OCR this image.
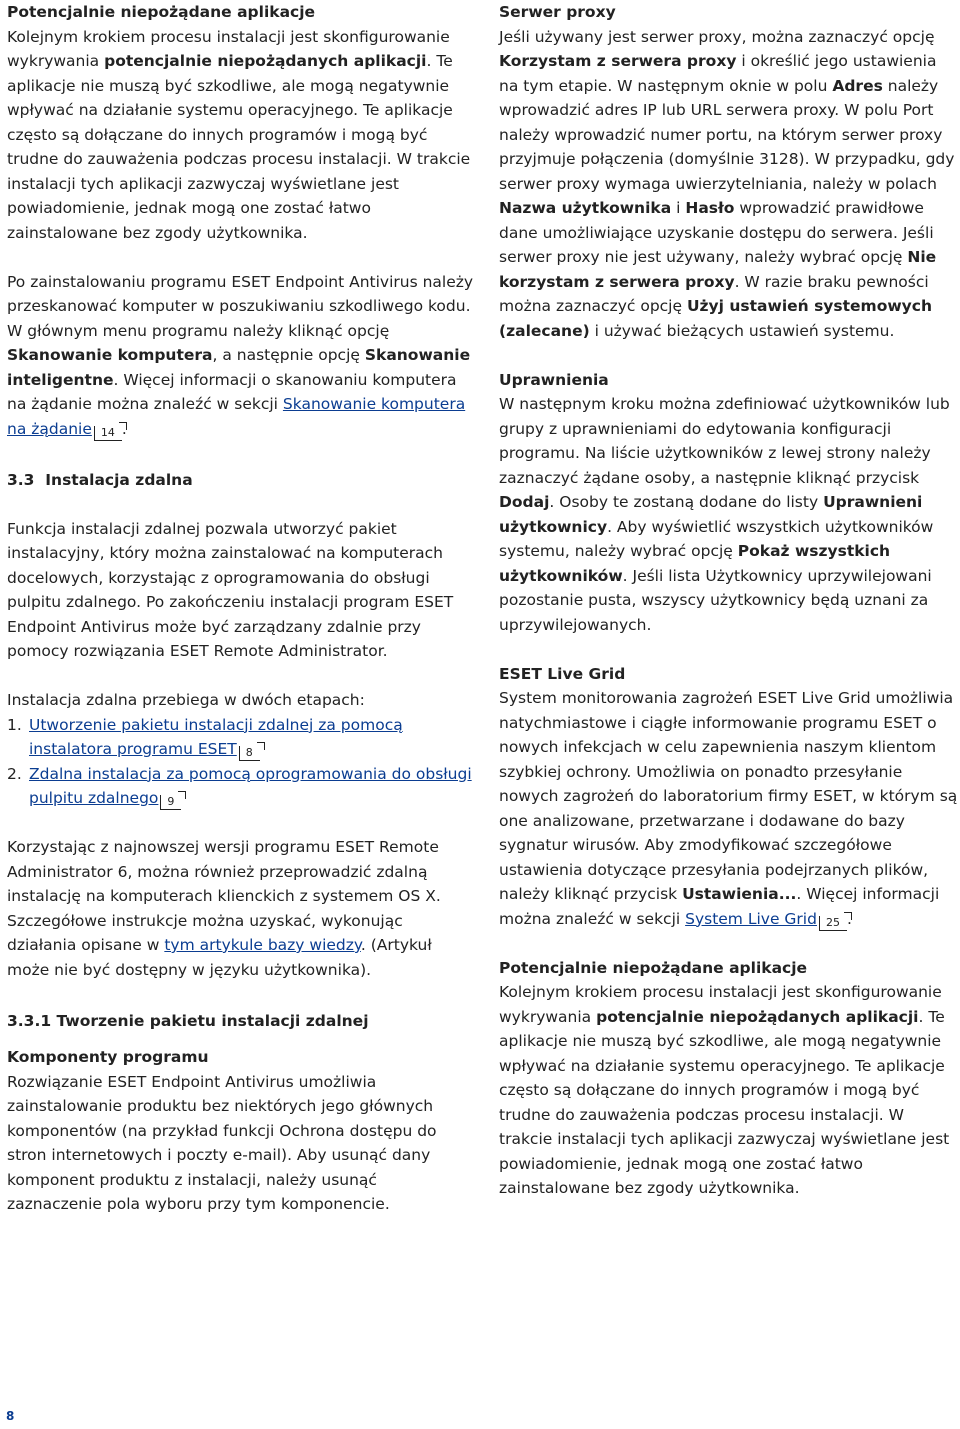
Potencjalnie niepożądane aplikacje

Kolejnym krokiem procesu instalacji jest skonfigurowanie wykrywania potencjalnie niepożądanych aplikacji. Te aplikacje nie muszą być szkodliwe, ale mogą negatywnie wpływać na działanie systemu operacyjnego. Te aplikacje często są dołączane do innych programów i mogą być trudne do zauważenia podczas procesu instalacji. W trakcie instalacji tych aplikacji zazwyczaj wyświetlane jest powiadomienie, jednak mogą one zostać łatwo zainstalowane bez zgody użytkownika.

Po zainstalowaniu programu ESET Endpoint Antivirus należy przeskanować komputer w poszukiwaniu szkodliwego kodu. W głównym menu programu należy kliknąć opcję Skanowanie komputera, a następnie opcję Skanowanie inteligentne. Więcej informacji o skanowaniu komputera na żądanie można znaleźć w sekcji Skanowanie komputera na żądanie 14 .

3.3 Instalacja zdalna

Funkcja instalacji zdalnej pozwala utworzyć pakiet instalacyjny, który można zainstalować na komputerach docelowych, korzystając z oprogramowania do obsługi pulpitu zdalnego. Po zakończeniu instalacji program ESET Endpoint Antivirus może być zarządzany zdalnie przy pomocy rozwiązania ESET Remote Administrator.

Instalacja zdalna przebiega w dwóch etapach:

1. Utworzenie pakietu instalacji zdalnej za pomocą instalatora programu ESET 8
2. Zdalna instalacja za pomocą oprogramowania do obsługi pulpitu zdalnego 9

Korzystając z najnowszej wersji programu ESET Remote Administrator 6, można również przeprowadzić zdalną instalację na komputerach klienckich z systemem OS X. Szczegółowe instrukcje można uzyskać, wykonując działania opisane w tym artykule bazy wiedzy. (Artykuł może nie być dostępny w języku użytkownika).

3.3.1 Tworzenie pakietu instalacji zdalnej

Komponenty programu

Rozwiązanie ESET Endpoint Antivirus umożliwia zainstalowanie produktu bez niektórych jego głównych komponentów (na przykład funkcji Ochrona dostępu do stron internetowych i poczty e-mail). Aby usunąć dany komponent produktu z instalacji, należy usunąć zaznaczenie pola wyboru przy tym komponencie.

Serwer proxy

Jeśli używany jest serwer proxy, można zaznaczyć opcję Korzystam z serwera proxy i określić jego ustawienia na tym etapie. W następnym oknie w polu Adres należy wprowadzić adres IP lub URL serwera proxy. W polu Port należy wprowadzić numer portu, na którym serwer proxy przyjmuje połączenia (domyślnie 3128). W przypadku, gdy serwer proxy wymaga uwierzytelniania, należy w polach Nazwa użytkownika i Hasło wprowadzić prawidłowe dane umożliwiające uzyskanie dostępu do serwera. Jeśli serwer proxy nie jest używany, należy wybrać opcję Nie korzystam z serwera proxy. W razie braku pewności można zaznaczyć opcję Użyj ustawień systemowych (zalecane) i używać bieżących ustawień systemu.

Uprawnienia

W następnym kroku można zdefiniować użytkowników lub grupy z uprawnieniami do edytowania konfiguracji programu. Na liście użytkowników z lewej strony należy zaznaczyć żądane osoby, a następnie kliknąć przycisk Dodaj. Osoby te zostaną dodane do listy Uprawnieni użytkownicy. Aby wyświetlić wszystkich użytkowników systemu, należy wybrać opcję Pokaż wszystkich użytkowników. Jeśli lista Użytkownicy uprzywilejowani pozostanie pusta, wszyscy użytkownicy będą uznani za uprzywilejowanych.

ESET Live Grid

System monitorowania zagrożeń ESET Live Grid umożliwia natychmiastowe i ciągłe informowanie programu ESET o nowych infekcjach w celu zapewnienia naszym klientom szybkiej ochrony. Umożliwia on ponadto przesyłanie nowych zagrożeń do laboratorium firmy ESET, w którym są one analizowane, przetwarzane i dodawane do bazy sygnatur wirusów. Aby zmodyfikować szczegółowe ustawienia dotyczące przesyłania podejrzanych plików, należy kliknąć przycisk Ustawienia.... Więcej informacji można znaleźć w sekcji System Live Grid 25 .

Potencjalnie niepożądane aplikacje

Kolejnym krokiem procesu instalacji jest skonfigurowanie wykrywania potencjalnie niepożądanych aplikacji. Te aplikacje nie muszą być szkodliwe, ale mogą negatywnie wpływać na działanie systemu operacyjnego. Te aplikacje często są dołączane do innych programów i mogą być trudne do zauważenia podczas procesu instalacji. W trakcie instalacji tych aplikacji zazwyczaj wyświetlane jest powiadomienie, jednak mogą one zostać łatwo zainstalowane bez zgody użytkownika.

8
